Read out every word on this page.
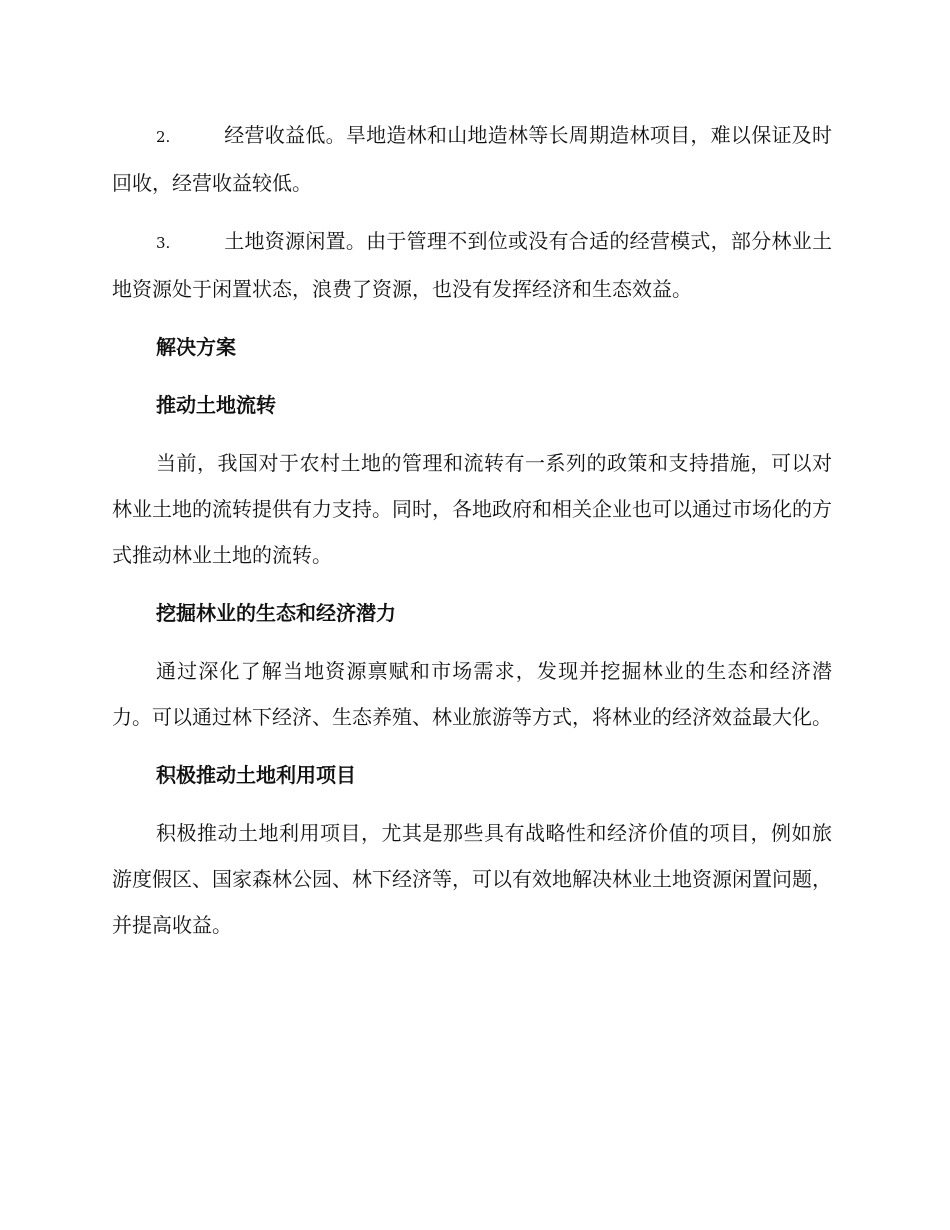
2.	经营收益低。旱地造林和山地造林等长周期造林项目，难以保证及时回收，经营收益较低。
3.	土地资源闲置。由于管理不到位或没有合适的经营模式，部分林业土地资源处于闲置状态，浪费了资源，也没有发挥经济和生态效益。
解决方案
推动土地流转
当前，我国对于农村土地的管理和流转有一系列的政策和支持措施，可以对林业土地的流转提供有力支持。同时，各地政府和相关企业也可以通过市场化的方式推动林业土地的流转。
挖掘林业的生态和经济潜力
通过深化了解当地资源禀赋和市场需求，发现并挖掘林业的生态和经济潜力。可以通过林下经济、生态养殖、林业旅游等方式，将林业的经济效益最大化。
积极推动土地利用项目
积极推动土地利用项目，尤其是那些具有战略性和经济价值的项目，例如旅游度假区、国家森林公园、林下经济等，可以有效地解决林业土地资源闲置问题，并提高收益。
